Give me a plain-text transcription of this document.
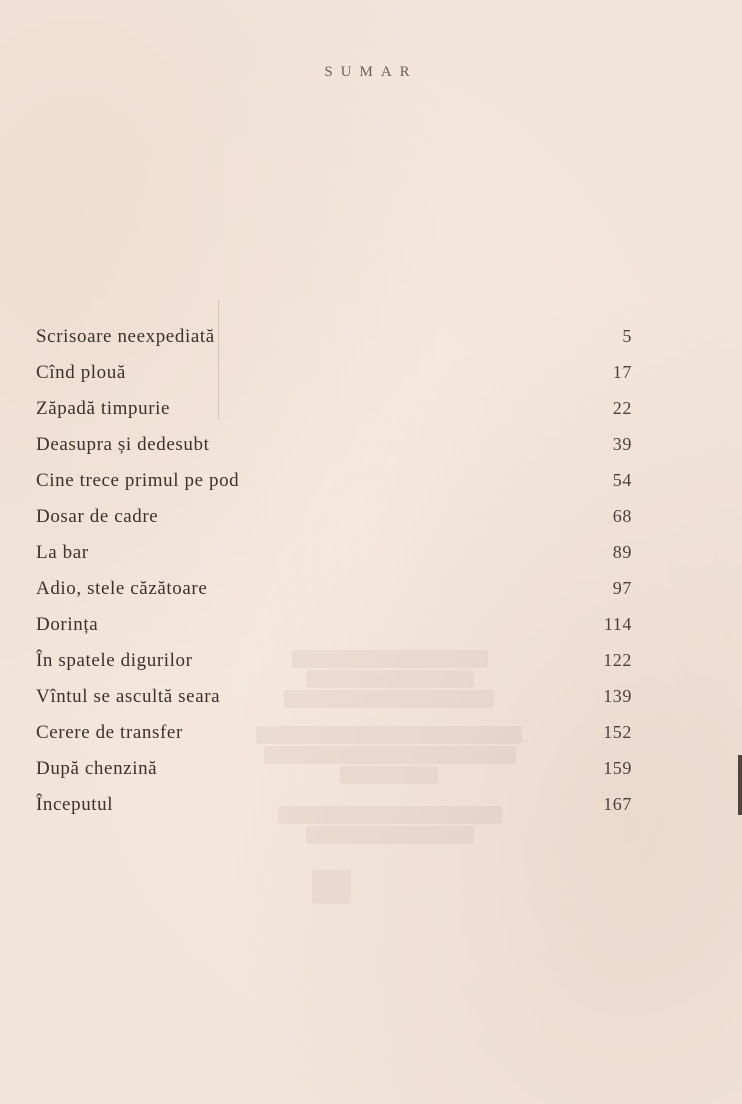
SUMAR
Scrisoare neexpediată	5
Cînd plouă	17
Zăpadă timpurie	22
Deasupra și dedesubt	39
Cine trece primul pe pod	54
Dosar de cadre	68
La bar	89
Adio, stele căzătoare	97
Dorința	114
În spatele digurilor	122
Vîntul se ascultă seara	139
Cerere de transfer	152
După chenzină	159
Începutul	167
